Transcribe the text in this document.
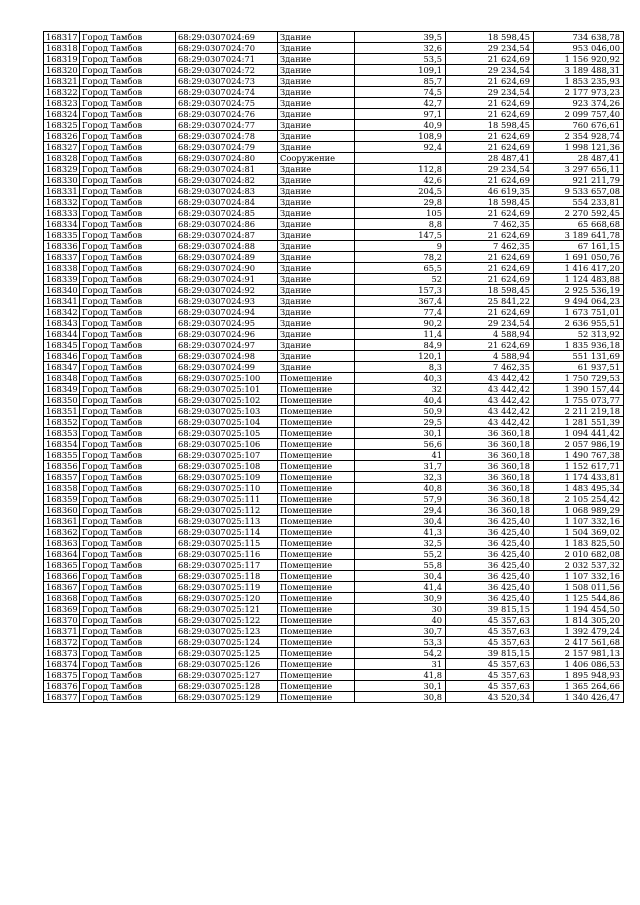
168317	Город Тамбов	68:29:0307024:69	Здание	39,5	18 598,45	734 638,78
168318	Город Тамбов	68:29:0307024:70	Здание	32,6	29 234,54	953 046,00
168319	Город Тамбов	68:29:0307024:71	Здание	53,5	21 624,69	1 156 920,92
168320	Город Тамбов	68:29:0307024:72	Здание	109,1	29 234,54	3 189 488,31
168321	Город Тамбов	68:29:0307024:73	Здание	85,7	21 624,69	1 853 235,93
168322	Город Тамбов	68:29:0307024:74	Здание	74,5	29 234,54	2 177 973,23
168323	Город Тамбов	68:29:0307024:75	Здание	42,7	21 624,69	923 374,26
168324	Город Тамбов	68:29:0307024:76	Здание	97,1	21 624,69	2 099 757,40
168325	Город Тамбов	68:29:0307024:77	Здание	40,9	18 598,45	760 676,61
168326	Город Тамбов	68:29:0307024:78	Здание	108,9	21 624,69	2 354 928,74
168327	Город Тамбов	68:29:0307024:79	Здание	92,4	21 624,69	1 998 121,36
168328	Город Тамбов	68:29:0307024:80	Сооружение		28 487,41	28 487,41
168329	Город Тамбов	68:29:0307024:81	Здание	112,8	29 234,54	3 297 656,11
168330	Город Тамбов	68:29:0307024:82	Здание	42,6	21 624,69	921 211,79
168331	Город Тамбов	68:29:0307024:83	Здание	204,5	46 619,35	9 533 657,08
168332	Город Тамбов	68:29:0307024:84	Здание	29,8	18 598,45	554 233,81
168333	Город Тамбов	68:29:0307024:85	Здание	105	21 624,69	2 270 592,45
168334	Город Тамбов	68:29:0307024:86	Здание	8,8	7 462,35	65 668,68
168335	Город Тамбов	68:29:0307024:87	Здание	147,5	21 624,69	3 189 641,78
168336	Город Тамбов	68:29:0307024:88	Здание	9	7 462,35	67 161,15
168337	Город Тамбов	68:29:0307024:89	Здание	78,2	21 624,69	1 691 050,76
168338	Город Тамбов	68:29:0307024:90	Здание	65,5	21 624,69	1 416 417,20
168339	Город Тамбов	68:29:0307024:91	Здание	52	21 624,69	1 124 483,88
168340	Город Тамбов	68:29:0307024:92	Здание	157,3	18 598,45	2 925 536,19
168341	Город Тамбов	68:29:0307024:93	Здание	367,4	25 841,22	9 494 064,23
168342	Город Тамбов	68:29:0307024:94	Здание	77,4	21 624,69	1 673 751,01
168343	Город Тамбов	68:29:0307024:95	Здание	90,2	29 234,54	2 636 955,51
168344	Город Тамбов	68:29:0307024:96	Здание	11,4	4 588,94	52 313,92
168345	Город Тамбов	68:29:0307024:97	Здание	84,9	21 624,69	1 835 936,18
168346	Город Тамбов	68:29:0307024:98	Здание	120,1	4 588,94	551 131,69
168347	Город Тамбов	68:29:0307024:99	Здание	8,3	7 462,35	61 937,51
168348	Город Тамбов	68:29:0307025:100	Помещение	40,3	43 442,42	1 750 729,53
168349	Город Тамбов	68:29:0307025:101	Помещение	32	43 442,42	1 390 157,44
168350	Город Тамбов	68:29:0307025:102	Помещение	40,4	43 442,42	1 755 073,77
168351	Город Тамбов	68:29:0307025:103	Помещение	50,9	43 442,42	2 211 219,18
168352	Город Тамбов	68:29:0307025:104	Помещение	29,5	43 442,42	1 281 551,39
168353	Город Тамбов	68:29:0307025:105	Помещение	30,1	36 360,18	1 094 441,42
168354	Город Тамбов	68:29:0307025:106	Помещение	56,6	36 360,18	2 057 986,19
168355	Город Тамбов	68:29:0307025:107	Помещение	41	36 360,18	1 490 767,38
168356	Город Тамбов	68:29:0307025:108	Помещение	31,7	36 360,18	1 152 617,71
168357	Город Тамбов	68:29:0307025:109	Помещение	32,3	36 360,18	1 174 433,81
168358	Город Тамбов	68:29:0307025:110	Помещение	40,8	36 360,18	1 483 495,34
168359	Город Тамбов	68:29:0307025:111	Помещение	57,9	36 360,18	2 105 254,42
168360	Город Тамбов	68:29:0307025:112	Помещение	29,4	36 360,18	1 068 989,29
168361	Город Тамбов	68:29:0307025:113	Помещение	30,4	36 425,40	1 107 332,16
168362	Город Тамбов	68:29:0307025:114	Помещение	41,3	36 425,40	1 504 369,02
168363	Город Тамбов	68:29:0307025:115	Помещение	32,5	36 425,40	1 183 825,50
168364	Город Тамбов	68:29:0307025:116	Помещение	55,2	36 425,40	2 010 682,08
168365	Город Тамбов	68:29:0307025:117	Помещение	55,8	36 425,40	2 032 537,32
168366	Город Тамбов	68:29:0307025:118	Помещение	30,4	36 425,40	1 107 332,16
168367	Город Тамбов	68:29:0307025:119	Помещение	41,4	36 425,40	1 508 011,56
168368	Город Тамбов	68:29:0307025:120	Помещение	30,9	36 425,40	1 125 544,86
168369	Город Тамбов	68:29:0307025:121	Помещение	30	39 815,15	1 194 454,50
168370	Город Тамбов	68:29:0307025:122	Помещение	40	45 357,63	1 814 305,20
168371	Город Тамбов	68:29:0307025:123	Помещение	30,7	45 357,63	1 392 479,24
168372	Город Тамбов	68:29:0307025:124	Помещение	53,3	45 357,63	2 417 561,68
168373	Город Тамбов	68:29:0307025:125	Помещение	54,2	39 815,15	2 157 981,13
168374	Город Тамбов	68:29:0307025:126	Помещение	31	45 357,63	1 406 086,53
168375	Город Тамбов	68:29:0307025:127	Помещение	41,8	45 357,63	1 895 948,93
168376	Город Тамбов	68:29:0307025:128	Помещение	30,1	45 357,63	1 365 264,66
168377	Город Тамбов	68:29:0307025:129	Помещение	30,8	43 520,34	1 340 426,47
